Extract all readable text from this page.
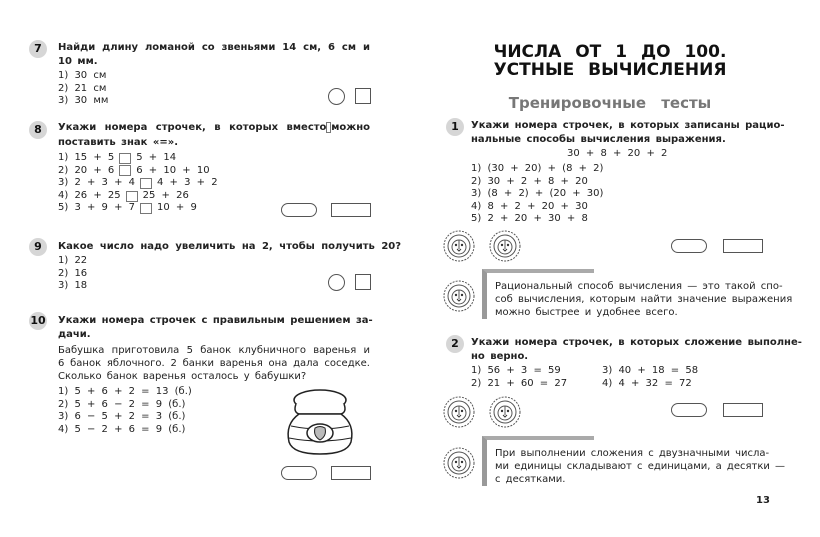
7	Найди длину ломаной со звеньями 14 см, 6 см и
10 мм.
1) 30 см
2) 21 см
3) 30 мм
8	Укажи номера строчек, в которых вместо можно
поставить знак «=».
1) 15 + 5 5 + 14
2) 20 + 6 6 + 10 + 10
3) 2 + 3 + 4 4 + 3 + 2
4) 26 + 25 25 + 26
5) 3 + 9 + 7 10 + 9
9	Какое число надо увеличить на 2, чтобы получить 20?
1) 22
2) 16
3) 18
10 Укажи номера строчек с правильным решением за-
дачи.
Бабушка приготовила 5 банок клубничного варенья и
6 банок яблочного. 2 банки варенья она дала соседке.
Сколько банок варенья осталось у бабушки?
1) 5 + 6 + 2 = 13 (б.)
2) 5 + 6 − 2 = 9 (б.)
3) 6 − 5 + 2 = 3 (б.)
4) 5 − 2 + 6 = 9 (б.)
ЧИСЛА ОТ 1 ДО 100.
УСТНЫЕ ВЫЧИСЛЕНИЯ
Тренировочные тесты
1	Укажи номера строчек, в которых записаны рацио-
нальные способы вычисления выражения.
30 + 8 + 20 + 2
1) (30 + 20) + (8 + 2)
2) 30 + 2 + 8 + 20
3) (8 + 2) + (20 + 30)
4) 8 + 2 + 20 + 30
5) 2 + 20 + 30 + 8
Рациональный способ вычисления — это такой спо-
соб вычисления, которым найти значение выражения
можно быстрее и удобнее всего.
2	Укажи номера строчек, в которых сложение выполне-
но верно.
1) 56 + 3 = 59
2) 21 + 60 = 27
3) 40 + 18 = 58
4) 4 + 32 = 72
При выполнении сложения с двузначными числа-
ми единицы складывают с единицами, а десятки —
с десятками.
13
